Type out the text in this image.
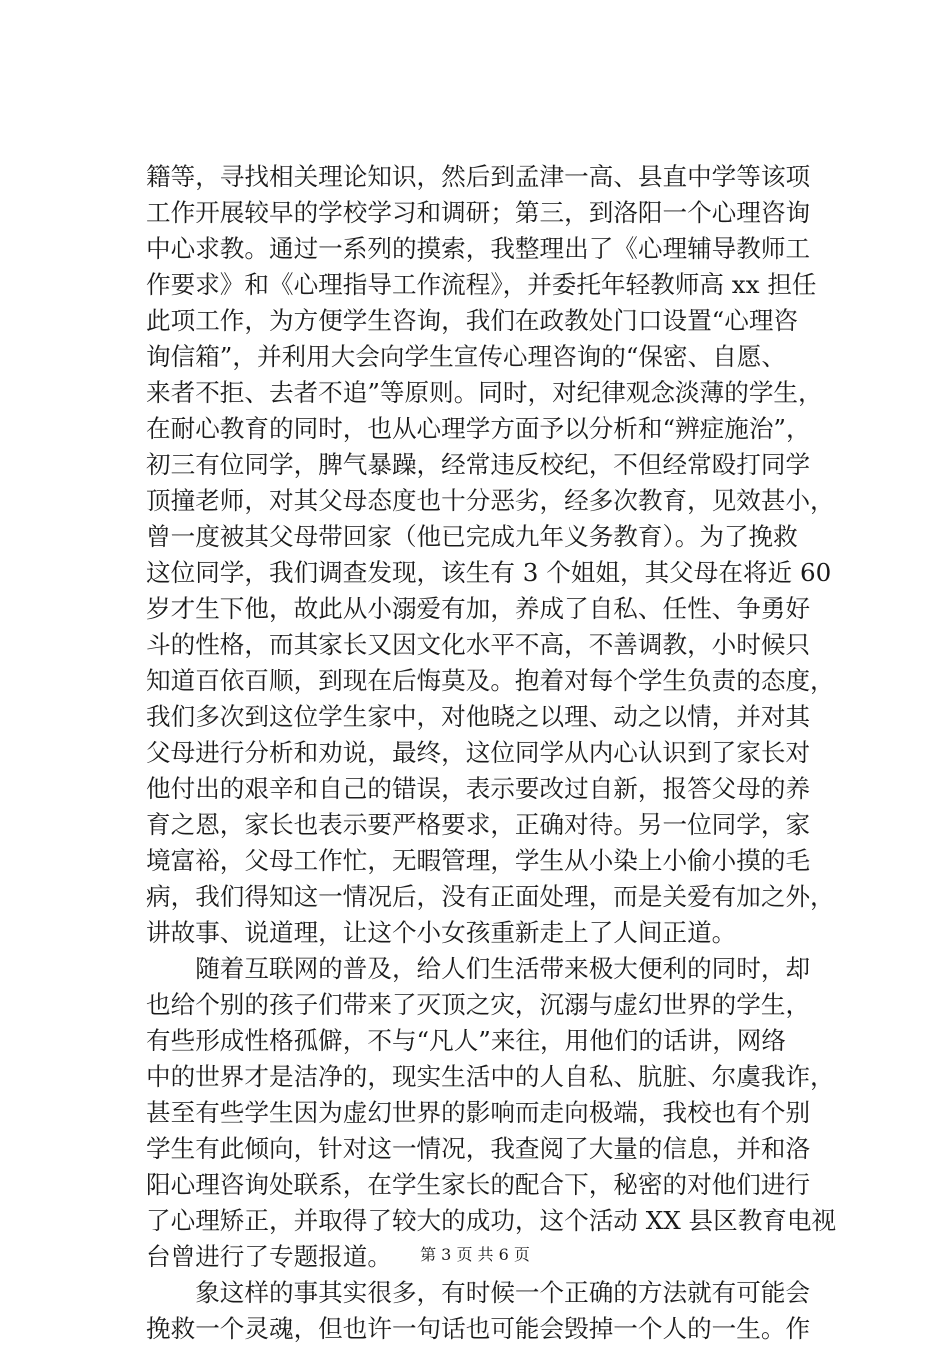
籍等，寻找相关理论知识，然后到孟津一高、县直中学等该项
工作开展较早的学校学习和调研；第三，到洛阳一个心理咨询
中心求教。通过一系列的摸索，我整理出了《心理辅导教师工
作要求》和《心理指导工作流程》，并委托年轻教师高 xx 担任
此项工作，为方便学生咨询，我们在政教处门口设置“心理咨
询信箱”，并利用大会向学生宣传心理咨询的“保密、自愿、
来者不拒、去者不追”等原则。同时，对纪律观念淡薄的学生，
在耐心教育的同时，也从心理学方面予以分析和“辨症施治”，
初三有位同学，脾气暴躁，经常违反校纪，不但经常殴打同学
顶撞老师，对其父母态度也十分恶劣，经多次教育，见效甚小，
曾一度被其父母带回家（他已完成九年义务教育）。为了挽救
这位同学，我们调查发现，该生有 3 个姐姐，其父母在将近 60
岁才生下他，故此从小溺爱有加，养成了自私、任性、争勇好
斗的性格，而其家长又因文化水平不高，不善调教，小时候只
知道百依百顺，到现在后悔莫及。抱着对每个学生负责的态度，
我们多次到这位学生家中，对他晓之以理、动之以情，并对其
父母进行分析和劝说，最终，这位同学从内心认识到了家长对
他付出的艰辛和自己的错误，表示要改过自新，报答父母的养
育之恩，家长也表示要严格要求，正确对待。另一位同学，家
境富裕，父母工作忙，无暇管理，学生从小染上小偷小摸的毛
病，我们得知这一情况后，没有正面处理，而是关爱有加之外，
讲故事、说道理，让这个小女孩重新走上了人间正道。
　　随着互联网的普及，给人们生活带来极大便利的同时，却
也给个别的孩子们带来了灭顶之灾，沉溺与虚幻世界的学生，
有些形成性格孤僻，不与“凡人”来往，用他们的话讲，网络
中的世界才是洁净的，现实生活中的人自私、肮脏、尔虞我诈，
甚至有些学生因为虚幻世界的影响而走向极端，我校也有个别
学生有此倾向，针对这一情况，我查阅了大量的信息，并和洛
阳心理咨询处联系，在学生家长的配合下，秘密的对他们进行
了心理矫正，并取得了较大的成功，这个活动 XX 县区教育电视
台曾进行了专题报道。
　　象这样的事其实很多，有时候一个正确的方法就有可能会
挽救一个灵魂，但也许一句话也可能会毁掉一个人的一生。作
第 3 页 共 6 页
